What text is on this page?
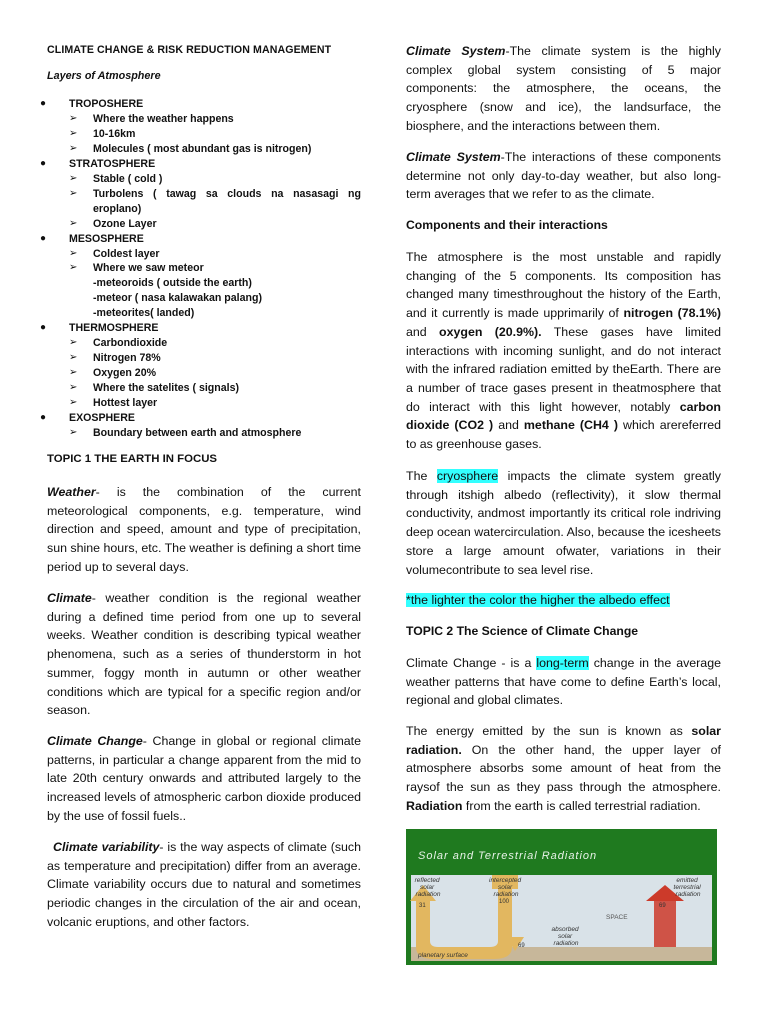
CLIMATE CHANGE & RISK REDUCTION MANAGEMENT
Layers of Atmosphere
● TROPOSHERE
➢ Where the weather happens
➢ 10-16km
➢ Molecules ( most abundant gas is nitrogen)
● STRATOSPHERE
➢ Stable ( cold )
➢ Turbolens ( tawag sa clouds na nasasagi ng eroplano)
➢ Ozone Layer
● MESOSPHERE
➢ Coldest layer
➢ Where we saw meteor
-meteoroids ( outside the earth)
-meteor ( nasa kalawakan palang)
-meteorites( landed)
● THERMOSPHERE
➢ Carbondioxide
➢ Nitrogen 78%
➢ Oxygen 20%
➢ Where the satelites ( signals)
➢ Hottest layer
● EXOSPHERE
➢ Boundary between earth and atmosphere
TOPIC 1 THE EARTH IN FOCUS

Weather- is the combination of the current meteorological components, e.g. temperature, wind direction and speed, amount and type of precipitation, sun shine hours, etc. The weather is defining a short time period up to several days.

Climate- weather condition is the regional weather during a defined time period from one up to several weeks. Weather condition is describing typical weather phenomena, such as a series of thunderstorm in hot summer, foggy month in autumn or other weather conditions which are typical for a specific region and/or season.

Climate Change- Change in global or regional climate patterns, in particular a change apparent from the mid to late 20th century onwards and attributed largely to the increased levels of atmospheric carbon dioxide produced by the use of fossil fuels..

Climate variability- is the way aspects of climate (such as temperature and precipitation) differ from an average. Climate variability occurs due to natural and sometimes periodic changes in the circulation of the air and ocean, volcanic eruptions, and other factors.

Climate System-The climate system is the highly complex global system consisting of 5 major components: the atmosphere, the oceans, the cryosphere (snow and ice), the landsurface, the biosphere, and the interactions between them.

Climate System-The interactions of these components determine not only day-to-day weather, but also long-term averages that we refer to as the climate.

Components and their interactions

The atmosphere is the most unstable and rapidly changing of the 5 components. Its composition has changed many timesthroughout the history of the Earth, and it currently is made upprimarily of nitrogen (78.1%) and oxygen (20.9%). These gases have limited interactions with incoming sunlight, and do not interact with the infrared radiation emitted by theEarth. There are a number of trace gases present in theatmosphere that do interact with this light however, notably carbon dioxide (CO2 ) and methane (CH4 ) which arereferred to as greenhouse gases.

The cryosphere impacts the climate system greatly through itshigh albedo (reflectivity), it slow thermal conductivity, andmost importantly its critical role indriving deep ocean watercirculation. Also, because the icesheets store a large amount ofwater, variations in their volumecontribute to sea level rise.

*the lighter the color the higher the albedo effect
TOPIC 2 The Science of Climate Change

Climate Change - is a long-term change in the average weather patterns that have come to define Earth’s local, regional and global climates.

The energy emitted by the sun is known as solar radiation. On the other hand, the upper layer of atmosphere absorbs some amount of heat from the raysof the sun as they pass through the atmosphere. Radiation from the earth is called terrestrial radiation.

Solar and Terrestrial Radiation
reflected solar radiation
intercepted solar radiation
emitted terrestrial radiation
absorbed solar radiation
SPACE
planetary surface
31
100
69
69
